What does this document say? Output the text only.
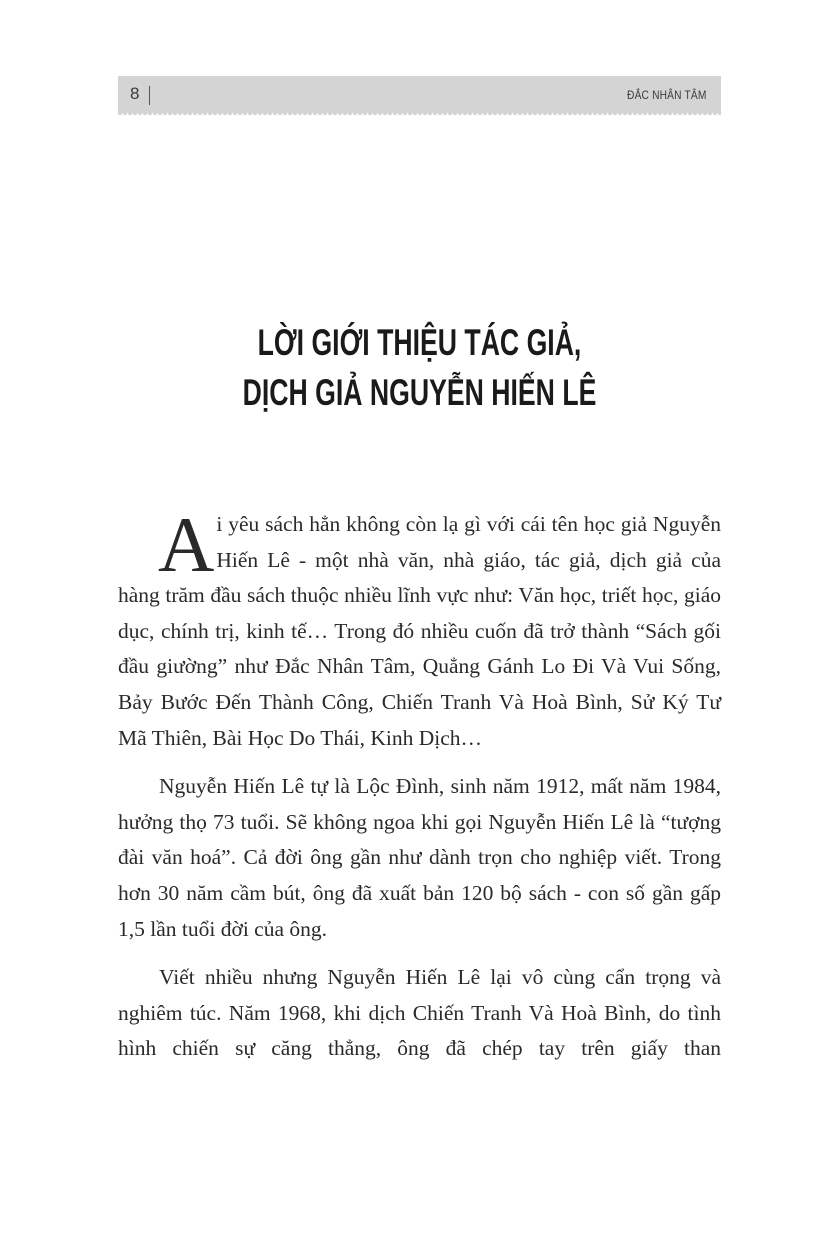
8	ĐẮC NHÂN TÂM
LỜI GIỚI THIỆU TÁC GIẢ,
DỊCH GIẢ NGUYỄN HIẾN LÊ

Ai yêu sách hẳn không còn lạ gì với cái tên học giả Nguyễn Hiến Lê - một nhà văn, nhà giáo, tác giả, dịch giả của hàng trăm đầu sách thuộc nhiều lĩnh vực như: Văn học, triết học, giáo dục, chính trị, kinh tế… Trong đó nhiều cuốn đã trở thành “Sách gối đầu giường” như Đắc Nhân Tâm, Quẳng Gánh Lo Đi Và Vui Sống, Bảy Bước Đến Thành Công, Chiến Tranh Và Hoà Bình, Sử Ký Tư Mã Thiên, Bài Học Do Thái, Kinh Dịch…

Nguyễn Hiến Lê tự là Lộc Đình, sinh năm 1912, mất năm 1984, hưởng thọ 73 tuổi. Sẽ không ngoa khi gọi Nguyễn Hiến Lê là “tượng đài văn hoá”. Cả đời ông gần như dành trọn cho nghiệp viết. Trong hơn 30 năm cầm bút, ông đã xuất bản 120 bộ sách - con số gần gấp 1,5 lần tuổi đời của ông.

Viết nhiều nhưng Nguyễn Hiến Lê lại vô cùng cẩn trọng và nghiêm túc. Năm 1968, khi dịch Chiến Tranh Và Hoà Bình, do tình hình chiến sự căng thẳng, ông đã chép tay trên giấy than
